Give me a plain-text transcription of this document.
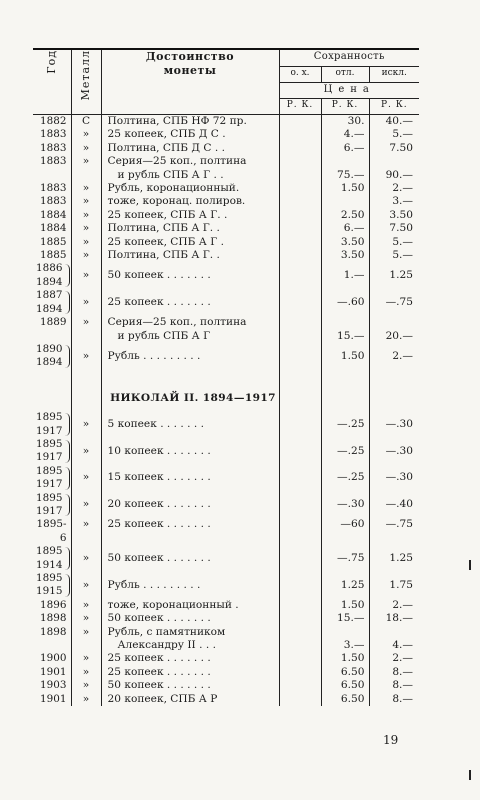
Год	Металл	Достоинство монеты	Сохранность		
			о. х.	отл.	искл.
			Цена		
			Р. К.	Р. К.	Р. К.
1882	С	Полтина, СПБ НФ 72 пр.		30.	40.—
1883	»	25 копеек, СПБ Д С .		4.—	5.—
1883	»	Полтина, СПБ Д С . .		6.—	7.50
1883	»	Серия—25 коп., полтина
и рубль СПБ А Г . .		75.—	90.—
1883	»	Рубль, коронационный.		1.50	2.—
1883	»	тоже, коронац. полиров.			3.—
1884	»	25 копеек, СПБ А Г. .		2.50	3.50
1884	»	Полтина, СПБ А Г. .		6.—	7.50
1885	»	25 копеек, СПБ А Г .		3.50	5.—
1885	»	Полтина, СПБ А Г. .		3.50	5.—

1886
1894	»	50 копеек . . . . . . .		1.—	1.25

1887
1894	»	25 копеек . . . . . . .		—.60	—.75
1889	»	Серия—25 коп., полтина
и рубль СПБ А Г		15.—	20.—

1890
1894	»	Рубль . . . . . . . . .		1.50	2.—

		НИКОЛАЙ II. 1894—1917			

1895
1917	»	5 копеек . . . . . . .		—.25	—.30

1895
1917	»	10 копеек . . . . . . .		—.25	—.30

1895
1917	»	15 копеек . . . . . . .		—.25	—.30

1895
1917	»	20 копеек . . . . . . .		—.30	—.40
1895-6	»	25 копеек . . . . . . .		—60	—.75

1895
1914	»	50 копеек . . . . . . .		—.75	1.25

1895
1915	»	Рубль . . . . . . . . .		1.25	1.75
1896	»	тоже, коронационный .		1.50	2.—
1898	»	50 копеек . . . . . . .		15.—	18.—
1898	»	Рубль, с памятником
Александру II . . .		3.—	4.—
1900	»	25 копеек . . . . . . .		1.50	2.—
1901	»	25 копеек . . . . . . .		6.50	8.—
1903	»	50 копеек . . . . . . .		6.50	8.—
1901	»	20 копеек, СПБ А Р		6.50	8.—
19
